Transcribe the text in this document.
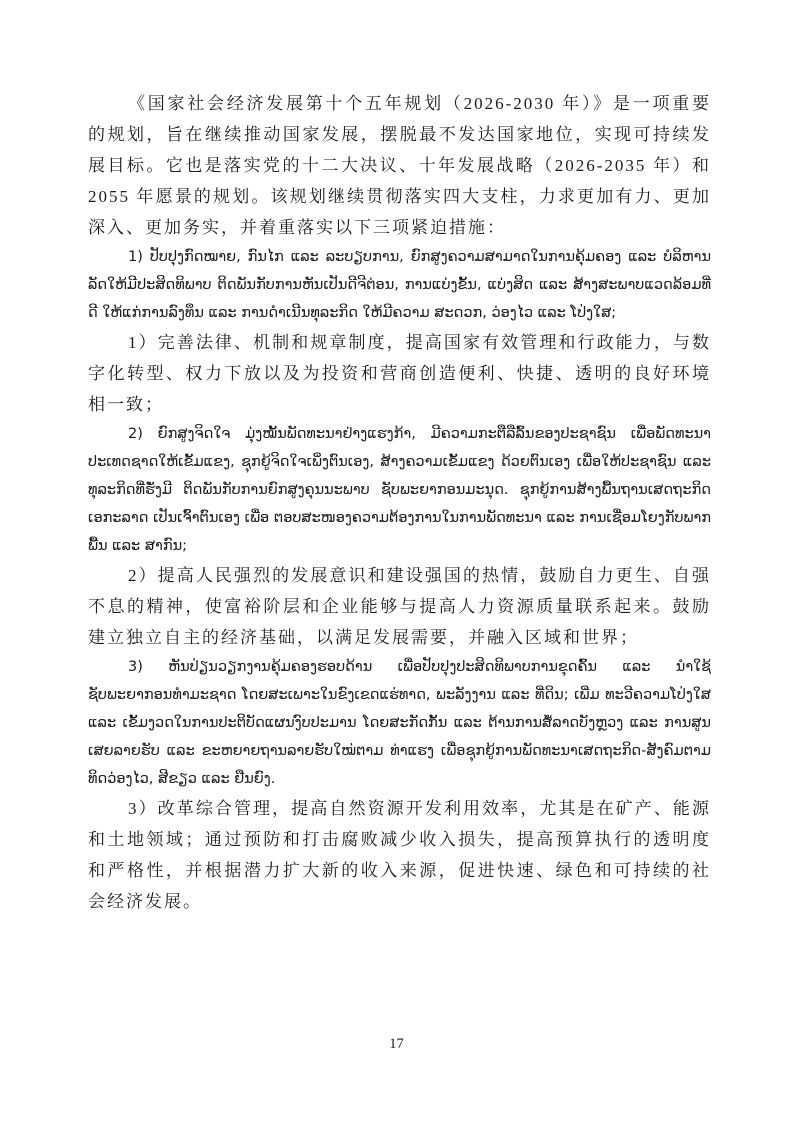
《国家社会经济发展第十个五年规划（2026-2030 年）》是一项重要的规划，旨在继续推动国家发展，摆脱最不发达国家地位，实现可持续发展目标。它也是落实党的十二大决议、十年发展战略（2026-2035 年）和 2055 年愿景的规划。该规划继续贯彻落实四大支柱，力求更加有力、更加深入、更加务实，并着重落实以下三项紧迫措施：

1) ປັບປຸງກົດໝາຍ, ກົນໄກ ແລະ ລະບຽບການ, ຍົກສູງຄວາມສາມາດໃນການຄຸ້ມຄອງ ແລະ ບໍລິຫານລັດໃຫ້ມີປະສິດທິພາບ ຕິດພັນກັບການຫັນເປັນດີຈີຕ່ອນ, ການແບ່ງຂັ້ນ, ແບ່ງສິດ ແລະ ສ້າງສະພາບແວດລ້ອມທີ່ດີ ໃຫ້ແກ່ການລົງທຶນ ແລະ ການດຳເນີນທຸລະກິດ ໃຫ້ມີຄວາມ ສະດວກ, ວ່ອງໄວ ແລະ ໂປ່ງໃສ;

1）完善法律、机制和规章制度，提高国家有效管理和行政能力，与数字化转型、权力下放以及为投资和营商创造便利、快捷、透明的良好环境相一致；

2) ຍົກສູງຈິດໃຈ ມຸ່ງໝັ້ນພັດທະນາຢ່າງແຮງກ້າ, ມີຄວາມກະຕືລືລົ້ນຂອງປະຊາຊົນ ເພື່ອພັດທະນາປະເທດຊາດໃຫ້ເຂັ້ມແຂງ, ຊຸກຍູ້ຈິດໃຈເພິ່ງຕົນເອງ, ສ້າງຄວາມເຂັ້ມແຂງ ດ້ວຍຕົນເອງ ເພື່ອໃຫ້ປະຊາຊົນ ແລະ ທຸລະກິດທີ່ຮັ່ງມີ ຕິດພັນກັບການຍົກສູງຄຸນນະພາບ ຊັບພະຍາກອນມະນຸດ. ຊຸກຍູ້ການສ້າງພື້ນຖານເສດຖະກິດເອກະລາດ ເປັນເຈົ້າຕົນເອງ ເພື່ອ ຕອບສະໜອງຄວາມຕ້ອງການໃນການພັດທະນາ ແລະ ການເຊື່ອມໂຍງກັບພາກພື້ນ ແລະ ສາກົນ;

2）提高人民强烈的发展意识和建设强国的热情，鼓励自力更生、自强不息的精神，使富裕阶层和企业能够与提高人力资源质量联系起来。鼓励建立独立自主的经济基础，以满足发展需要，并融入区域和世界；

3) ຫັນປ່ຽນວຽກງານຄຸ້ມຄອງຮອບດ້ານ ເພື່ອປັບປຸງປະສິດທິພາບການຂຸດຄົ້ນ ແລະ ນຳໃຊ້ ຊັບພະຍາກອນທຳມະຊາດ ໂດຍສະເພາະໃນຂົງເຂດແຮ່ທາດ, ພະລັງງານ ແລະ ທີ່ດິນ; ເພີ່ມ ທະວີຄວາມໂປ່ງໃສ ແລະ ເຂັ້ມງວດໃນການປະຕິບັດແຜນງົບປະມານ ໂດຍສະກັດກັ້ນ ແລະ ຕ້ານການສໍ້ລາດບັງຫຼວງ ແລະ ການສູນເສຍລາຍຮັບ ແລະ ຂະຫຍາຍຖານລາຍຮັບໃໝ່ຕາມ ທ່າແຮງ ເພື່ອຊຸກຍູ້ການພັດທະນາເສດຖະກິດ-ສັງຄົມຕາມທິດວ່ອງໄວ, ສີຂຽວ ແລະ ຢືນຍົງ.

3）改革综合管理，提高自然资源开发利用效率，尤其是在矿产、能源和土地领域；通过预防和打击腐败减少收入损失，提高预算执行的透明度和严格性，并根据潜力扩大新的收入来源，促进快速、绿色和可持续的社会经济发展。

17
